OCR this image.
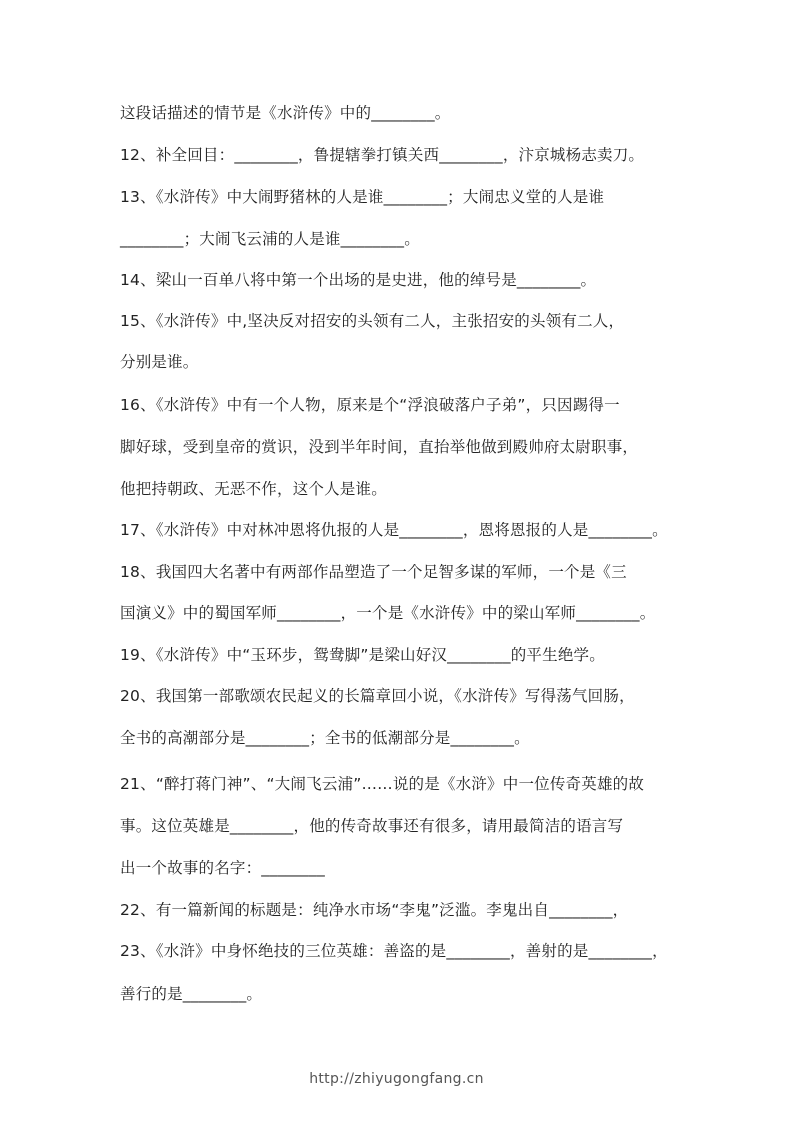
这段话描述的情节是《水浒传》中的________。
12、补全回目：________，鲁提辖拳打镇关西________，汴京城杨志卖刀。
13、《水浒传》中大闹野猪林的人是谁________；大闹忠义堂的人是谁
________；大闹飞云浦的人是谁________。
14、梁山一百单八将中第一个出场的是史进，他的绰号是________。
15、《水浒传》中,坚决反对招安的头领有二人，主张招安的头领有二人，
分别是谁。
16、《水浒传》中有一个人物，原来是个“浮浪破落户子弟”，只因踢得一
脚好球，受到皇帝的赏识，没到半年时间，直抬举他做到殿帅府太尉职事，
他把持朝政、无恶不作，这个人是谁。
17、《水浒传》中对林冲恩将仇报的人是________，恩将恩报的人是________。
18、我国四大名著中有两部作品塑造了一个足智多谋的军师，一个是《三
国演义》中的蜀国军师________，一个是《水浒传》中的梁山军师________。
19、《水浒传》中“玉环步，鸳鸯脚”是梁山好汉________的平生绝学。
20、我国第一部歌颂农民起义的长篇章回小说，《水浒传》写得荡气回肠，
全书的高潮部分是________；全书的低潮部分是________。
21、“醉打蒋门神”、“大闹飞云浦”……说的是《水浒》中一位传奇英雄的故
事。这位英雄是________，他的传奇故事还有很多，请用最简洁的语言写
出一个故事的名字：________
22、有一篇新闻的标题是：纯净水市场“李鬼”泛滥。李鬼出自________，
23、《水浒》中身怀绝技的三位英雄：善盗的是________，善射的是________，
善行的是________。
http://zhiyugongfang.cn
